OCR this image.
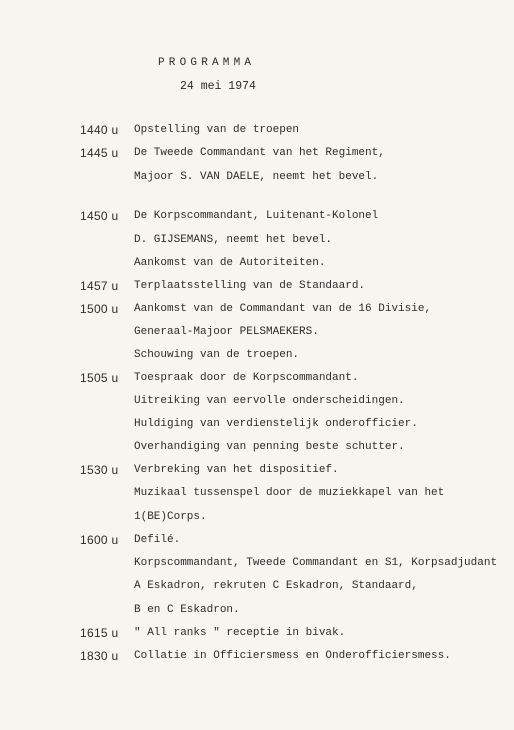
PROGRAMMA
24 mei 1974
1440 u Opstelling van de troepen
1445 u De Tweede Commandant van het Regiment,
Majoor S. VAN DAELE, neemt het bevel.
1450 u De Korpscommandant, Luitenant-Kolonel
D. GIJSEMANS, neemt het bevel.
Aankomst van de Autoriteiten.
1457 u Terplaatsstelling van de Standaard.
1500 u Aankomst van de Commandant van de 16 Divisie,
Generaal-Majoor PELSMAEKERS.
Schouwing van de troepen.
1505 u Toespraak door de Korpscommandant.
Uitreiking van eervolle onderscheidingen.
Huldiging van verdienstelijk onderofficier.
Overhandiging van penning beste schutter.
1530 u Verbreking van het dispositief.
Muzikaal tussenspel door de muziekkapel van het
1(BE)Corps.
1600 u Defilé.
Korpscommandant, Tweede Commandant en S1, Korpsadjudant
A Eskadron, rekruten C Eskadron, Standaard,
B en C Eskadron.
1615 u " All ranks " receptie in bivak.
1830 u Collatie in Officiersmess en Onderofficiersmess.
